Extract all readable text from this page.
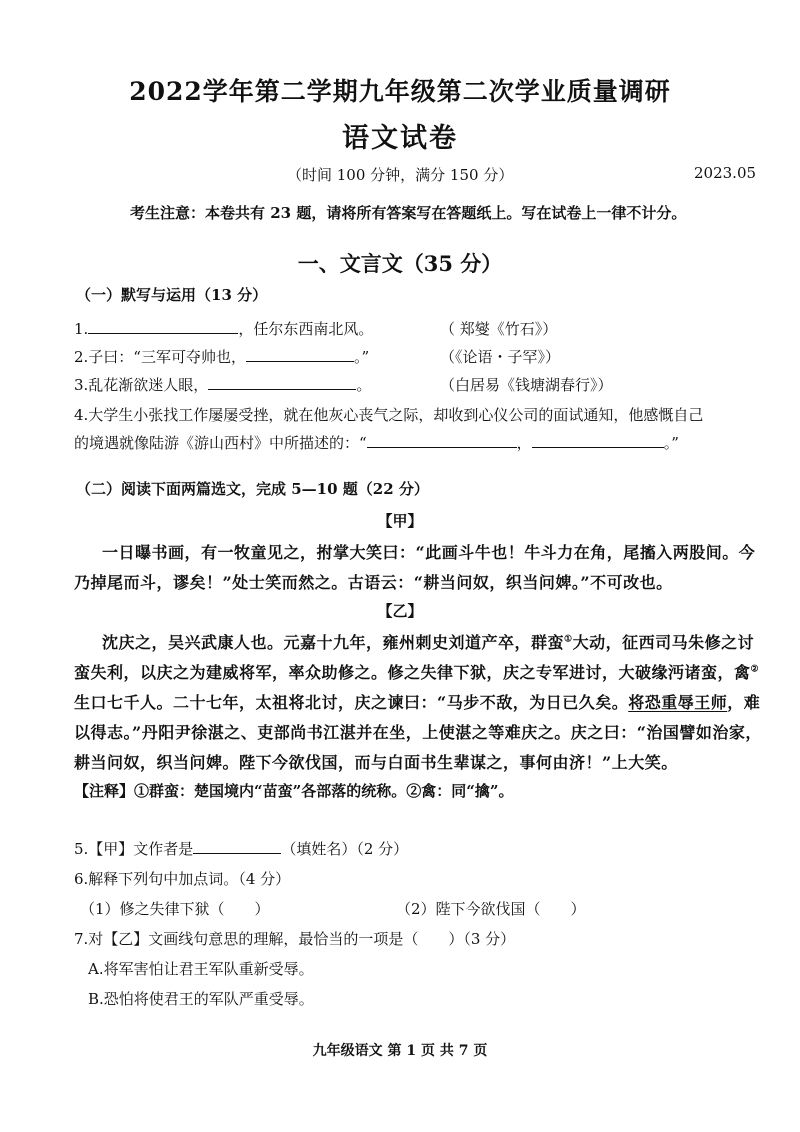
2022学年第二学期九年级第二次学业质量调研
语文试卷
（时间 100 分钟，满分 150 分）	2023.05
考生注意：本卷共有 23 题，请将所有答案写在答题纸上。写在试卷上一律不计分。
一、文言文（35 分）
（一）默写与运用（13 分）
1.	，任尔东西南北风。	（ 郑燮《竹石》）
2.子曰：“三军可夺帅也，	。”	（《论语・子罕》）
3.乱花渐欲迷人眼，	。	（白居易《钱塘湖春行》）
4.大学生小张找工作屡屡受挫，就在他灰心丧气之际，却收到心仪公司的面试通知，他感慨自己
的境遇就像陆游《游山西村》中所描述的：“	，	。”
（二）阅读下面两篇选文，完成 5—10 题（22 分）
【甲】
一日曝书画，有一牧童见之，拊掌大笑曰：“此画斗牛也！牛斗力在角，尾搐入两股间。今
乃掉尾而斗，谬矣！”处士笑而然之。古语云：“耕当问奴，织当问婢。”不可改也。
【乙】
沈庆之，吴兴武康人也。元嘉十九年，雍州刺史刘道产卒，群蛮①大动，征西司马朱修之讨
蛮失利，以庆之为建威将军，率众助修之。修之失律下狱，庆之专军进讨，大破缘沔诸蛮，禽②
生口七千人。二十七年，太祖将北讨，庆之谏曰：“马步不敌，为日已久矣。将恐重辱王师，难
以得志。”丹阳尹徐湛之、吏部尚书江湛并在坐，上使湛之等难庆之。庆之曰：“治国譬如治家，
耕当问奴，织当问婢。陛下今欲伐国，而与白面书生辈谋之，事何由济！”上大笑。
【注释】①群蛮：楚国境内“苗蛮”各部落的统称。②禽：同“擒”。
5.【甲】文作者是	（填姓名）（2 分）
6.解释下列句中加点词。（4 分）
（1）修之失律下狱（　　）	（2）陛下今欲伐国（　　）
7.对【乙】文画线句意思的理解，最恰当的一项是（　　）（3 分）
A.将军害怕让君王军队重新受辱。
B.恐怕将使君王的军队严重受辱。
九年级语文 第 1 页 共 7 页
